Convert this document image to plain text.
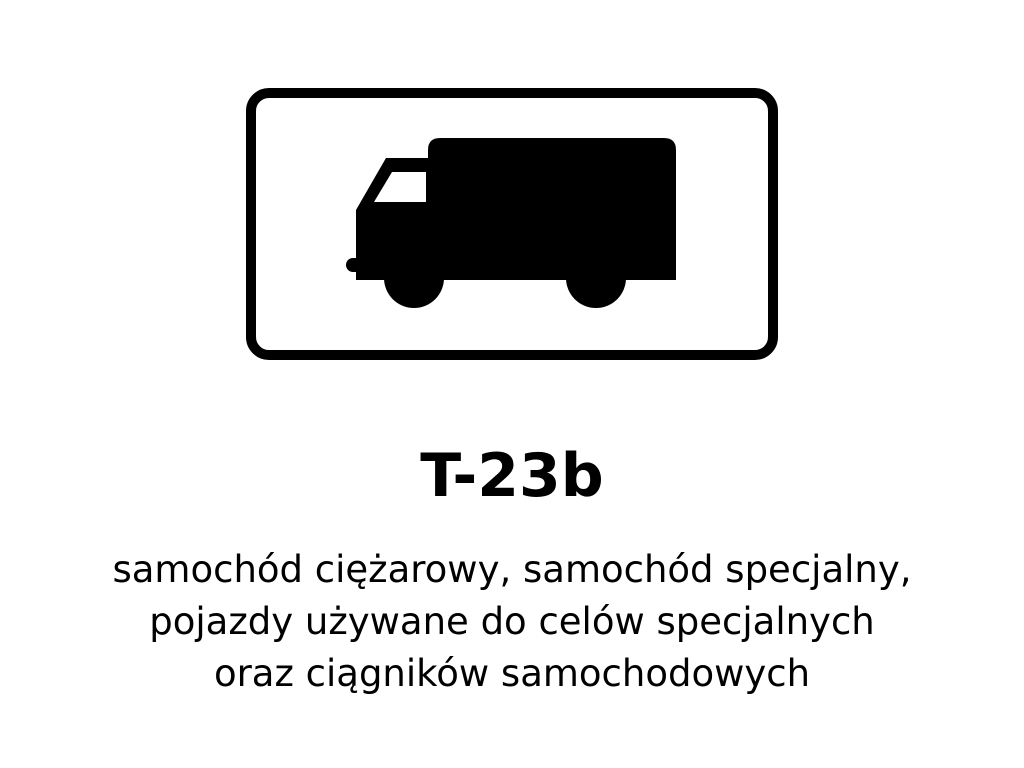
T-23b
samochód ciężarowy, samochód specjalny,
pojazdy używane do celów specjalnych
oraz ciągników samochodowych
